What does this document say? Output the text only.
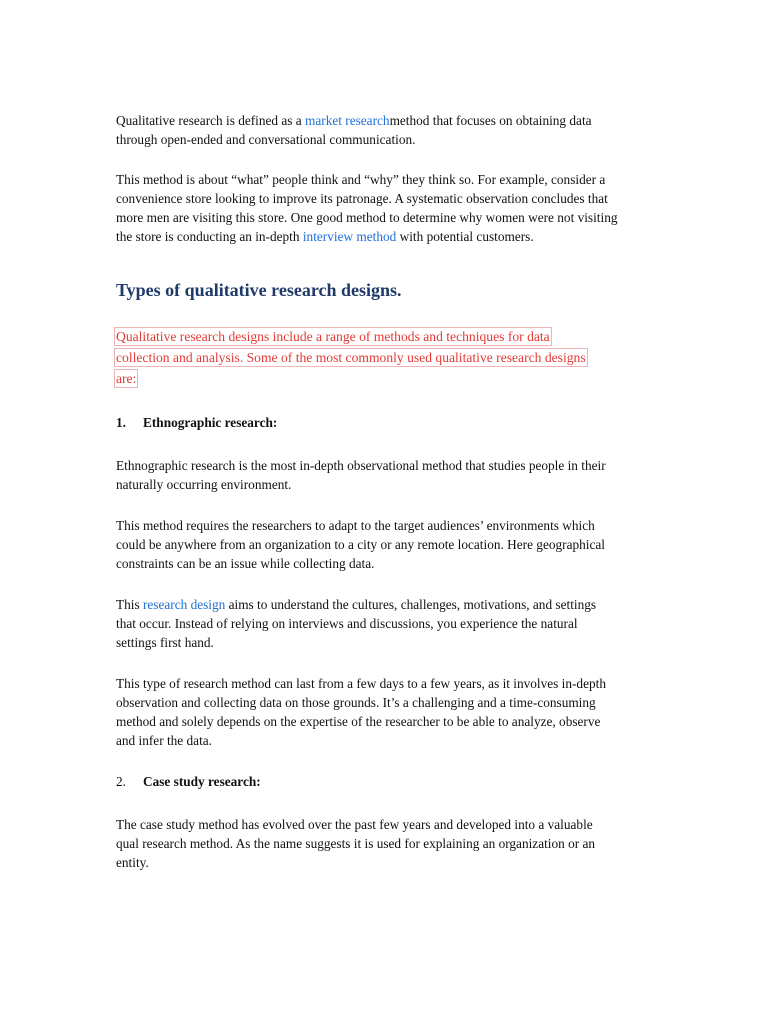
Qualitative research is defined as a market researchmethod that focuses on obtaining data
through open-ended and conversational communication.

This method is about “what” people think and “why” they think so. For example, consider a
convenience store looking to improve its patronage. A systematic observation concludes that
more men are visiting this store. One good method to determine why women were not visiting
the store is conducting an in-depth interview method with potential customers.

Types of qualitative research designs.

Qualitative research designs include a range of methods and techniques for data
collection and analysis. Some of the most commonly used qualitative research designs
are:

1. Ethnographic research:

Ethnographic research is the most in-depth observational method that studies people in their
naturally occurring environment.

This method requires the researchers to adapt to the target audiences’ environments which
could be anywhere from an organization to a city or any remote location. Here geographical
constraints can be an issue while collecting data.

This research design aims to understand the cultures, challenges, motivations, and settings
that occur. Instead of relying on interviews and discussions, you experience the natural
settings first hand.

This type of research method can last from a few days to a few years, as it involves in-depth
observation and collecting data on those grounds. It’s a challenging and a time-consuming
method and solely depends on the expertise of the researcher to be able to analyze, observe
and infer the data.

2. Case study research:

The case study method has evolved over the past few years and developed into a valuable
qual research method. As the name suggests it is used for explaining an organization or an
entity.
